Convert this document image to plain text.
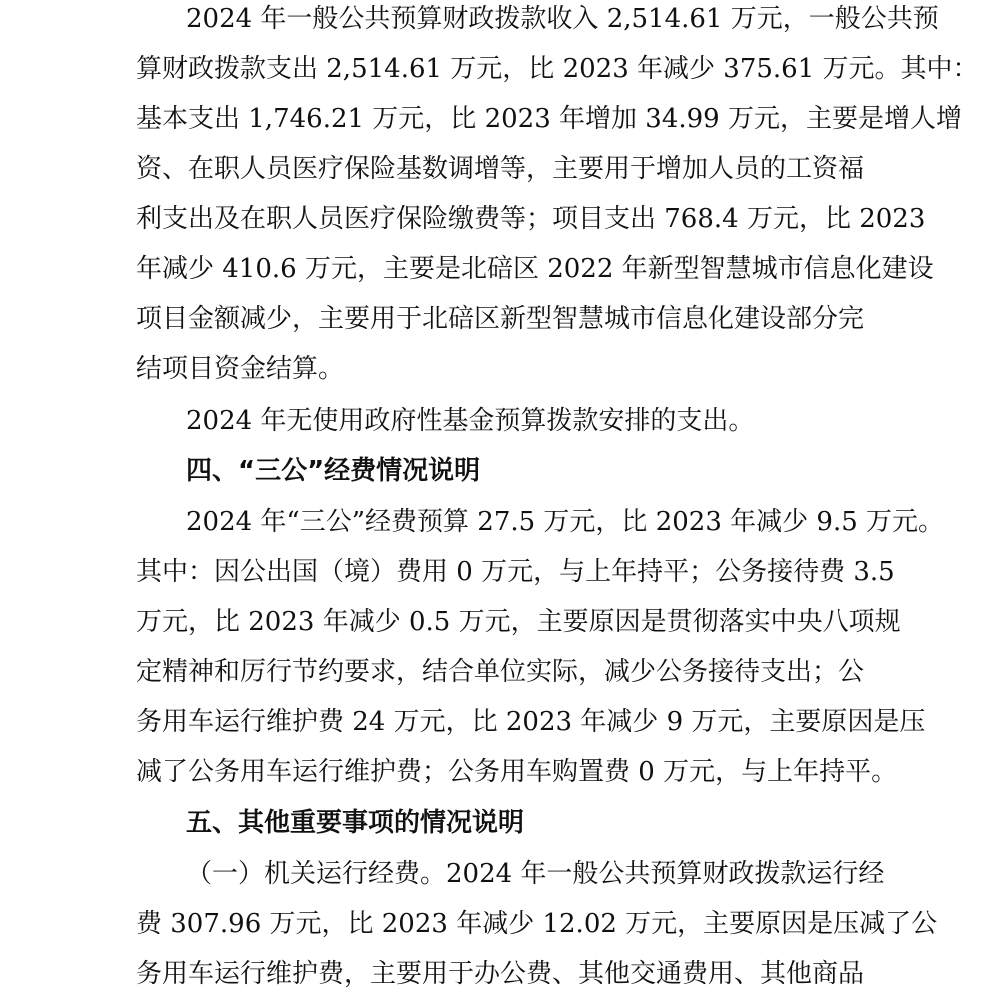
2024 年一般公共预算财政拨款收入 2,514.61 万元，一般公共预
算财政拨款支出 2,514.61 万元，比 2023 年减少 375.61 万元。其中：
基本支出 1,746.21 万元，比 2023 年增加 34.99 万元，主要是增人增
资、在职人员医疗保险基数调增等，主要用于增加人员的工资福
利支出及在职人员医疗保险缴费等；项目支出 768.4 万元，比 2023
年减少 410.6 万元，主要是北碚区 2022 年新型智慧城市信息化建设
项目金额减少，主要用于北碚区新型智慧城市信息化建设部分完
结项目资金结算。
2024 年无使用政府性基金预算拨款安排的支出。
四、“三公”经费情况说明
2024 年“三公”经费预算 27.5 万元，比 2023 年减少 9.5 万元。
其中：因公出国（境）费用 0 万元，与上年持平；公务接待费 3.5
万元，比 2023 年减少 0.5 万元，主要原因是贯彻落实中央八项规
定精神和厉行节约要求，结合单位实际，减少公务接待支出；公
务用车运行维护费 24 万元，比 2023 年减少 9 万元，主要原因是压
减了公务用车运行维护费；公务用车购置费 0 万元，与上年持平。
五、其他重要事项的情况说明
（一）机关运行经费。2024 年一般公共预算财政拨款运行经
费 307.96 万元，比 2023 年减少 12.02 万元，主要原因是压减了公
务用车运行维护费，主要用于办公费、其他交通费用、其他商品
